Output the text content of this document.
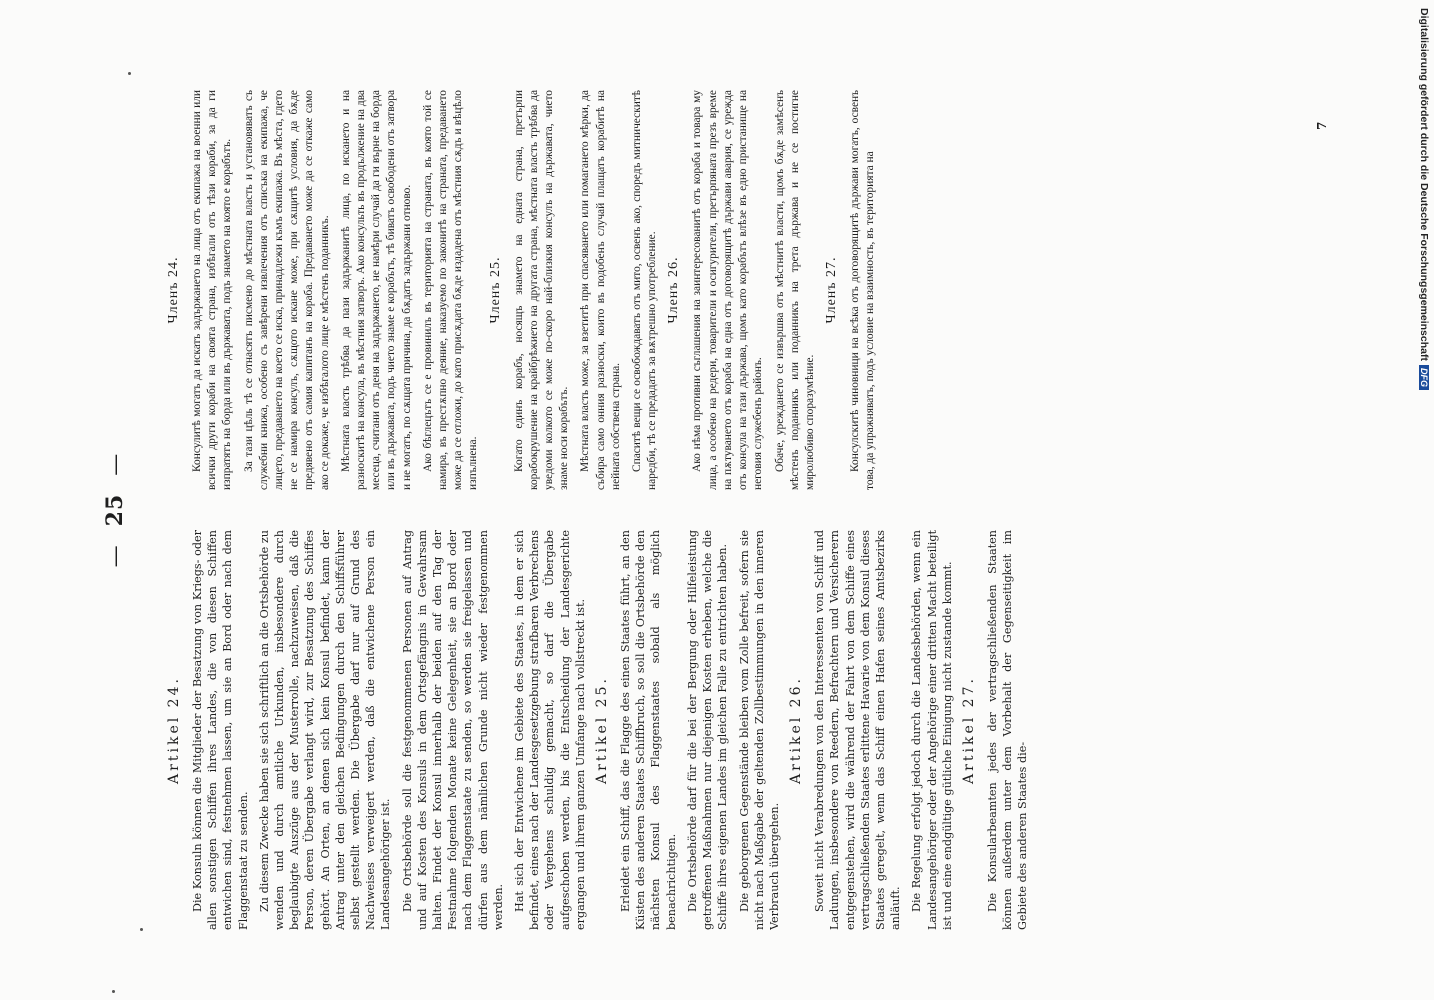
—25—
Artikel 24. Die Konsuln können die Mitglieder der Besatzung von Kriegs- oder allen sonstigen Schiffen ihres Landes, die von diesen Schiffen entwichen sind, festnehmen lassen, um sie an Bord oder nach dem Flaggenstaat zu senden. Zu diesem Zwecke haben sie sich schriftlich an die Ortsbehörde zu wenden und durch amtliche Urkunden, insbesondere durch beglaubigte Auszüge aus der Musterrolle, nachzuweisen, daß die Person, deren Übergabe verlangt wird, zur Besatzung des Schiffes gehört. An Orten, an denen sich kein Konsul befindet, kann der Antrag unter den gleichen Bedingungen durch den Schiffsführer selbst gestellt werden. Die Übergabe darf nur auf Grund des Nachweises verweigert werden, daß die entwichene Person ein Landesangehöriger ist. Die Ortsbehörde soll die festgenommenen Personen auf Antrag und auf Kosten des Konsuls in dem Ortsgefängnis in Gewahrsam halten. Findet der Konsul innerhalb der beiden auf den Tag der Festnahme folgenden Monate keine Gelegenheit, sie an Bord oder nach dem Flaggenstaate zu senden, so werden sie freigelassen und dürfen aus dem nämlichen Grunde nicht wieder festgenommen werden. Hat sich der Entwichene im Gebiete des Staates, in dem er sich befindet, eines nach der Landesgesetzgebung strafbaren Verbrechens oder Vergehens schuldig gemacht, so darf die Übergabe aufgeschoben werden, bis die Entscheidung der Landesgerichte ergangen und ihrem ganzen Umfange nach vollstreckt ist. Artikel 25. Erleidet ein Schiff, das die Flagge des einen Staates führt, an den Küsten des anderen Staates Schiffbruch, so soll die Ortsbehörde den nächsten Konsul des Flaggenstaates sobald als möglich benachrichtigen. Die Ortsbehörde darf für die bei der Bergung oder Hilfeleistung getroffenen Maßnahmen nur diejenigen Kosten erheben, welche die Schiffe ihres eigenen Landes im gleichen Falle zu entrichten haben. Die geborgenen Gegenstände bleiben vom Zolle befreit, sofern sie nicht nach Maßgabe der geltenden Zollbestimmungen in den inneren Verbrauch übergehen.

Artikel 26. Soweit nicht Verabredungen von den Interessenten von Schiff und Ladungen, insbesondere von Reedern, Befrachtern und Versicherern entgegenstehen, wird die während der Fahrt von dem Schiffe eines vertragschließenden Staates erlittene Havarie von dem Konsul dieses Staates geregelt, wenn das Schiff einen Hafen seines Amtsbezirks anläuft. Die Regelung erfolgt jedoch durch die Landesbehörden, wenn ein Landesangehöriger oder der Angehörige einer dritten Macht beteiligt ist und eine endgültige gütliche Einigung nicht zustande kommt. Artikel 27. Die Konsularbeamten jedes der vertragschließenden Staaten können außerdem unter dem Vorbehalt der Gegenseitigkeit im Gebiete des anderen Staates die-

Членъ 24. Консулитѣ могатъ да искатъ задържането на лица отъ екипажа на военни или всички други кораби на своята страна, избѣгали отъ тѣзи кораби, за да ги изпратятъ на борда или въ държавата, подъ знамето на която е корабътъ. За тази цѣль тѣ се отнасятъ писмено до мѣстната власть и установяватъ съ служебни книжа, особено съ завѣрени извлечения отъ списъка на екипажа, че лицето, предаването на което се иска, принадлежи къмъ екипажа. Въ мѣста, гдето не се намира консулъ, сѫщото искане може, при сѫщитѣ условия, да бѫде предявено отъ самия капитанъ на кораба. Предаването може да се откаже само ако се докаже, че избѣгалото лице е мѣстенъ поданникъ. Мѣстната власть трѣбва да пази задържанитѣ лица, по искането и на разноскитѣ на консула, въ мѣстния затворъ. Ако консульть въ продължение на два месеца, считани отъ деня на задържането, не намѣри случай да ги върне на борда или въ държавата, подъ чието знаме е корабътъ, тѣ биватъ освободени отъ затвора и не могатъ, по сѫщата причина, да бѫдатъ задържани отново. Ако бѣглецътъ се е провинилъ въ територията на страната, въ която той се намира, въ престѫпно деяние, наказуемо по законитѣ на страната, предаването може да се отложи, до като присѫдата бѫде издадена отъ мѣстния сѫдъ и вѣцѣло изпълнена.

Членъ 25. Когато единъ корабъ, носящъ знамето на едната страна, претърпи корабокрушение на крайбрѣжието на другата страна, мѣстната власть трѣбва да уведоми колкото се може по-скоро най-близкия консулъ на държавата, чието знаме носи корабътъ. Мѣстната власть може, за взетитѣ при спасяването или помагането мѣрки, да събира само онния разноски, които въ подобенъ случай плащатъ корабитѣ на нейната собствена страна. Спаситѣ вещи се освобождаватъ отъ мито, освенъ ако, споредъ митническитѣ наредби, тѣ се предадатъ за вѫтрешно употребление. Членъ 26. Ако нѣма противни съглашения на заинтересованитѣ отъ кораба и товара му лица, а особено на редери, товарители и осигурители, претърпяната презъ време на пѫтуването отъ кораба на една отъ договорящитѣ държави авария, се урежда отъ консула на тази държава, щомъ като корабътъ влѣзе въ едно пристанище на неговия служебенъ районъ. Обаче, уреждането се извършва отъ мѣстнитѣ власти, щомъ бѫде замѣсенъ мѣстенъ поданникъ или поданникъ на трета държава и не се постигне миролюбиво споразумѣние.

Членъ 27. Консулскитѣ чиновници на всѣка отъ договорящитѣ държави могатъ, освенъ това, да упражняватъ, подъ условие на взаимность, въ територията на

7	Digitalisierung gefördert durch die Deutsche ForschungsgemeinschaftDFG
